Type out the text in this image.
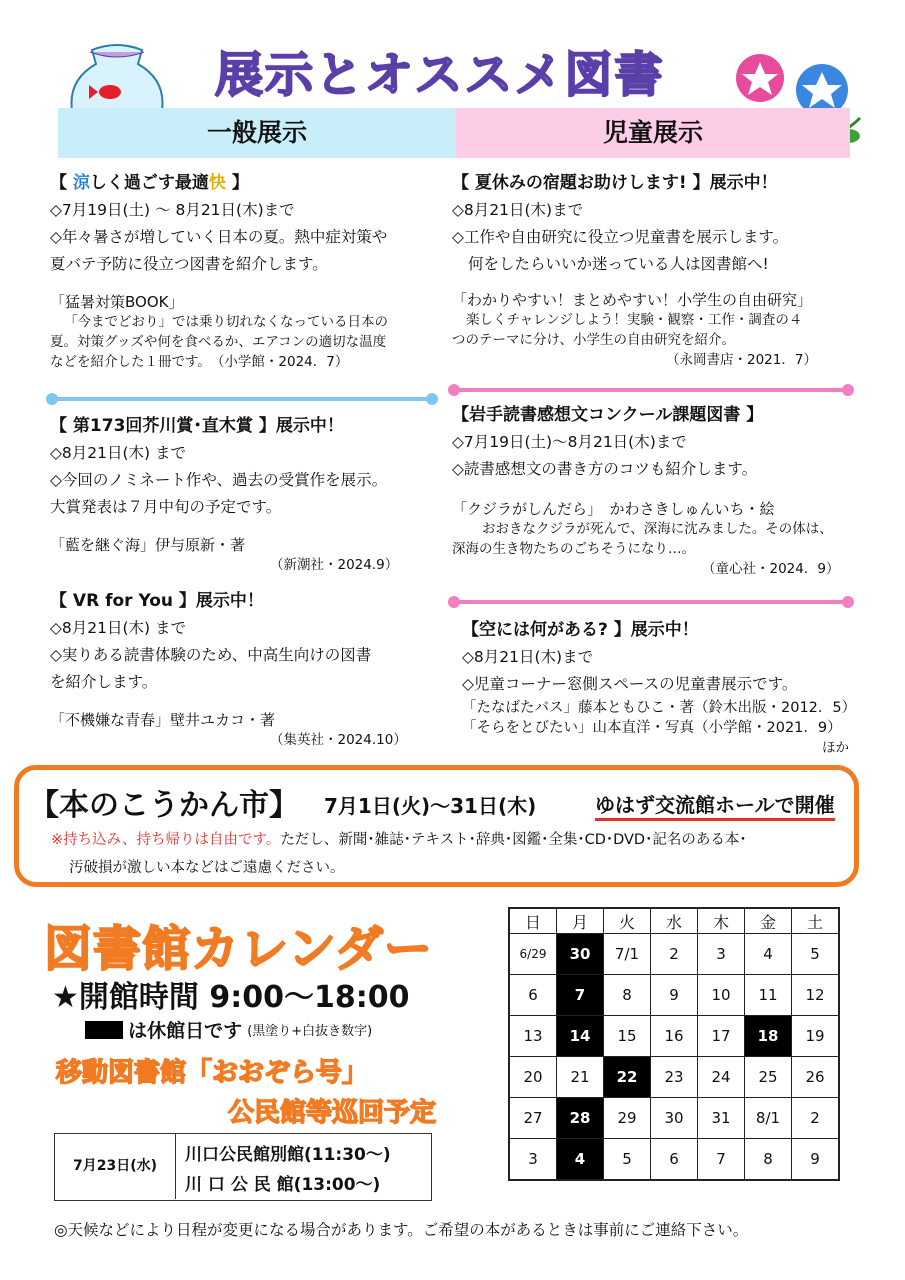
展示とオススメ図書
一般展示	児童展示
【 涼しく過ごす最適快 】
◇7月19日(土) ～ 8月21日(木)まで
◇年々暑さが増していく日本の夏。熱中症対策や
夏バテ予防に役立つ図書を紹介します。
「猛暑対策BOOK」
「今までどおり」では乗り切れなくなっている日本の
夏。対策グッズや何を食べるか、エアコンの適切な温度
などを紹介した１冊です。　（小学館・2024．7）
【 第173回芥川賞･直木賞 】展示中！
◇8月21日(木) まで
◇今回のノミネート作や、過去の受賞作を展示。
大賞発表は７月中旬の予定です。
「藍を継ぐ海」伊与原新・著
（新潮社・2024.9）
【 VR for You 】展示中！
◇8月21日(木) まで
◇実りある読書体験のため、中高生向けの図書
を紹介します。
「不機嫌な青春」壁井ユカコ・著
（集英社・2024.10）
【 夏休みの宿題お助けします! 】展示中！
◇8月21日(木)まで
◇工作や自由研究に役立つ児童書を展示します。
何をしたらいいか迷っている人は図書館へ!
「わかりやすい！まとめやすい！小学生の自由研究」
楽しくチャレンジしよう！実験・観察・工作・調査の４
つのテーマに分け、小学生の自由研究を紹介。
（永岡書店・2021．7）
【岩手読書感想文コンクール課題図書 】
◇7月19日(土)～8月21日(木)まで
◇読書感想文の書き方のコツも紹介します。
「クジラがしんだら」　かわさきしゅんいち・絵
おおきなクジラが死んで、深海に沈みました。その体は、
深海の生き物たちのごちそうになり…。
（童心社・2024．9）
【空には何がある? 】展示中！
◇8月21日(木)まで
◇児童コーナー窓側スペースの児童書展示です。
「たなばたバス」藤本ともひこ・著（鈴木出版・2012．5）
「そらをとびたい」山本直洋・写真（小学館・2021．9）
ほか
【本のこうかん市】 7月1日(火)～31日(木)	ゆはず交流館ホールで開催
※持ち込み、持ち帰りは自由です。ただし、新聞･雑誌･テキスト･辞典･図鑑･全集･CD･DVD･記名のある本･
汚破損が激しい本などはご遠慮ください。
図書館カレンダー
★開館時間 9:00～18:00
は休館日です (黒塗り+白抜き数字)
移動図書館「おおぞら号」
公民館等巡回予定
7月23日(水)
川口公民館別館(11:30～)
川 口 公 民 館(13:00～)
日	月	火	水	木	金	土
6/29	30	7/1	2	3	4	5
6	7	8	9	10	11	12
13	14	15	16	17	18	19
20	21	22	23	24	25	26
27	28	29	30	31	8/1	2
3	4	5	6	7	8	9
◎天候などにより日程が変更になる場合があります。ご希望の本があるときは事前にご連絡下さい。
